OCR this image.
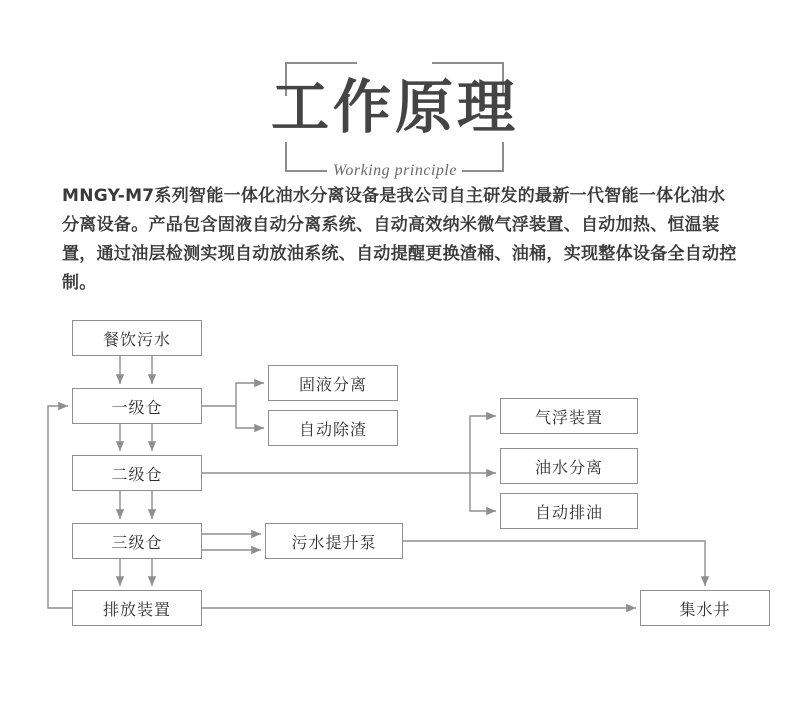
工作原理
Working principle
MNGY-M7系列智能一体化油水分离设备是我公司自主研发的最新一代智能一体化油水分离设备。产品包含固液自动分离系统、自动高效纳米微气浮装置、自动加热、恒温装置，通过油层检测实现自动放油系统、自动提醒更换渣桶、油桶，实现整体设备全自动控制。
餐饮污水
一级仓
固液分离
自动除渣
二级仓
气浮装置
油水分离
自动排油
三级仓	污水提升泵
排放装置	集水井
